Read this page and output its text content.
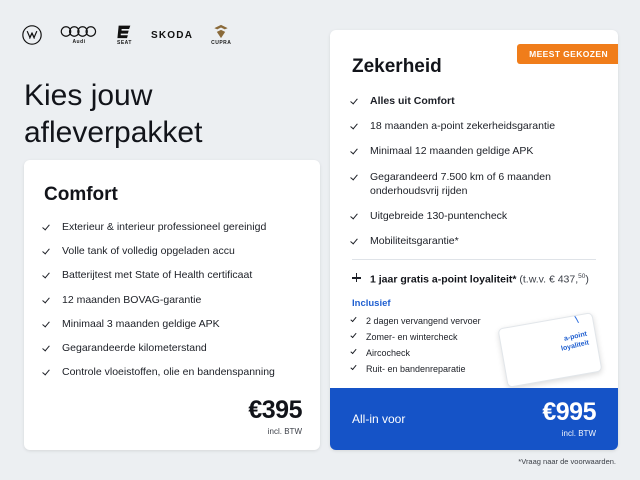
Audi	SEAT
SKODA
CUPRA
Kies jouw afleverpakket
Comfort
Exterieur & interieur professioneel gereinigd
Volle tank of volledig opgeladen accu
Batterijtest met State of Health certificaat
12 maanden BOVAG-garantie
Minimaal 3 maanden geldige APK
Gegarandeerde kilometerstand
Controle vloeistoffen, olie en bandenspanning
€395
incl. BTW
MEEST GEKOZEN
Zekerheid
Alles uit Comfort
18 maanden a-point zekerheidsgarantie
Minimaal 12 maanden geldige APK
Gegarandeerd 7.500 km of 6 maanden onderhoudsvrij rijden
Uitgebreide 130-puntencheck
Mobiliteitsgarantie*
1 jaar gratis a-point loyaliteit* (t.w.v. € 437,50)
Inclusief
2 dagen vervangend vervoer
Zomer- en wintercheck
Aircocheck
Ruit- en bandenreparatie
a-point
loyaliteit
All-in voor	€995
incl. BTW
*Vraag naar de voorwaarden.
